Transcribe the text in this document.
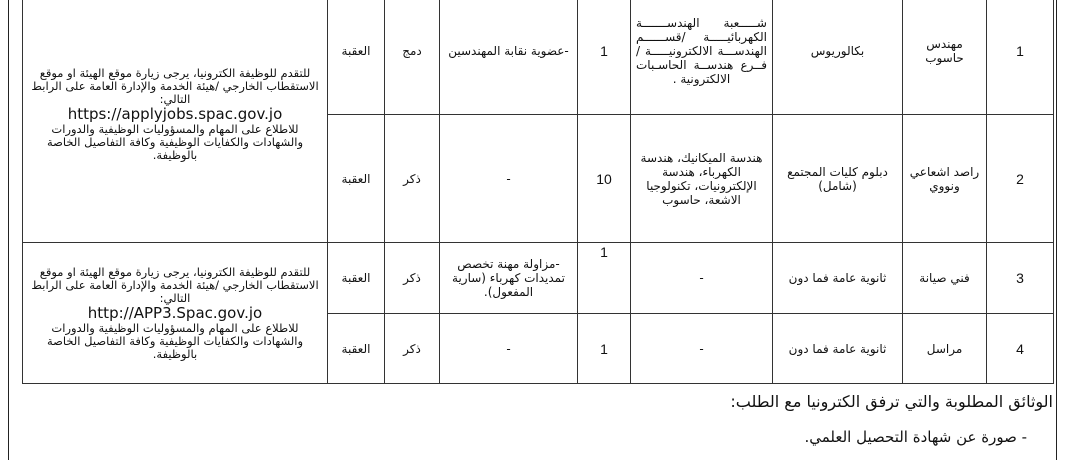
للتقدم للوظيفة الكترونيا، يرجى زيارة موقع الهيئة او موقع الاستقطاب الخارجي /هيئة الخدمة والإدارة العامة على الرابط التالي:
https://applyjobs.spac.gov.jo
للاطلاع على المهام والمسؤوليات الوظيفية والدورات والشهادات والكفايات الوظيفية وكافة التفاصيل الخاصة بالوظيفة.	العقبة	دمج	-عضوية نقابة المهندسين	1	شـــــعبة الهندســـــــة الكهربائيـــــة /قســــــم الهندســـة الالكترونيـــــة / فــرع هندســة الحاسـبات الالكترونية .	بكالوريوس	مهندس حاسوب	1
	العقبة	ذكر	-	10	هندسة الميكانيك، هندسة الكهرباء، هندسة الإلكترونيات، تكنولوجيا الاشعة، حاسوب	دبلوم كليات المجتمع (شامل)	راصد اشعاعي ونووي	2
للتقدم للوظيفة الكترونيا، يرجى زيارة موقع الهيئة او موقع الاستقطاب الخارجي /هيئة الخدمة والإدارة العامة على الرابط التالي:
http://APP3.Spac.gov.jo
للاطلاع على المهام والمسؤوليات الوظيفية والدورات والشهادات والكفايات الوظيفية وكافة التفاصيل الخاصة بالوظيفة.	العقبة	ذكر	-مزاولة مهنة تخصص تمديدات كهرباء (سارية المفعول).	1	-	ثانوية عامة فما دون	فني صيانة	3
	العقبة	ذكر	-	1	-	ثانوية عامة فما دون	مراسل	4
الوثائق المطلوبة والتي ترفق الكترونيا مع الطلب:
- صورة عن شهادة التحصيل العلمي.
